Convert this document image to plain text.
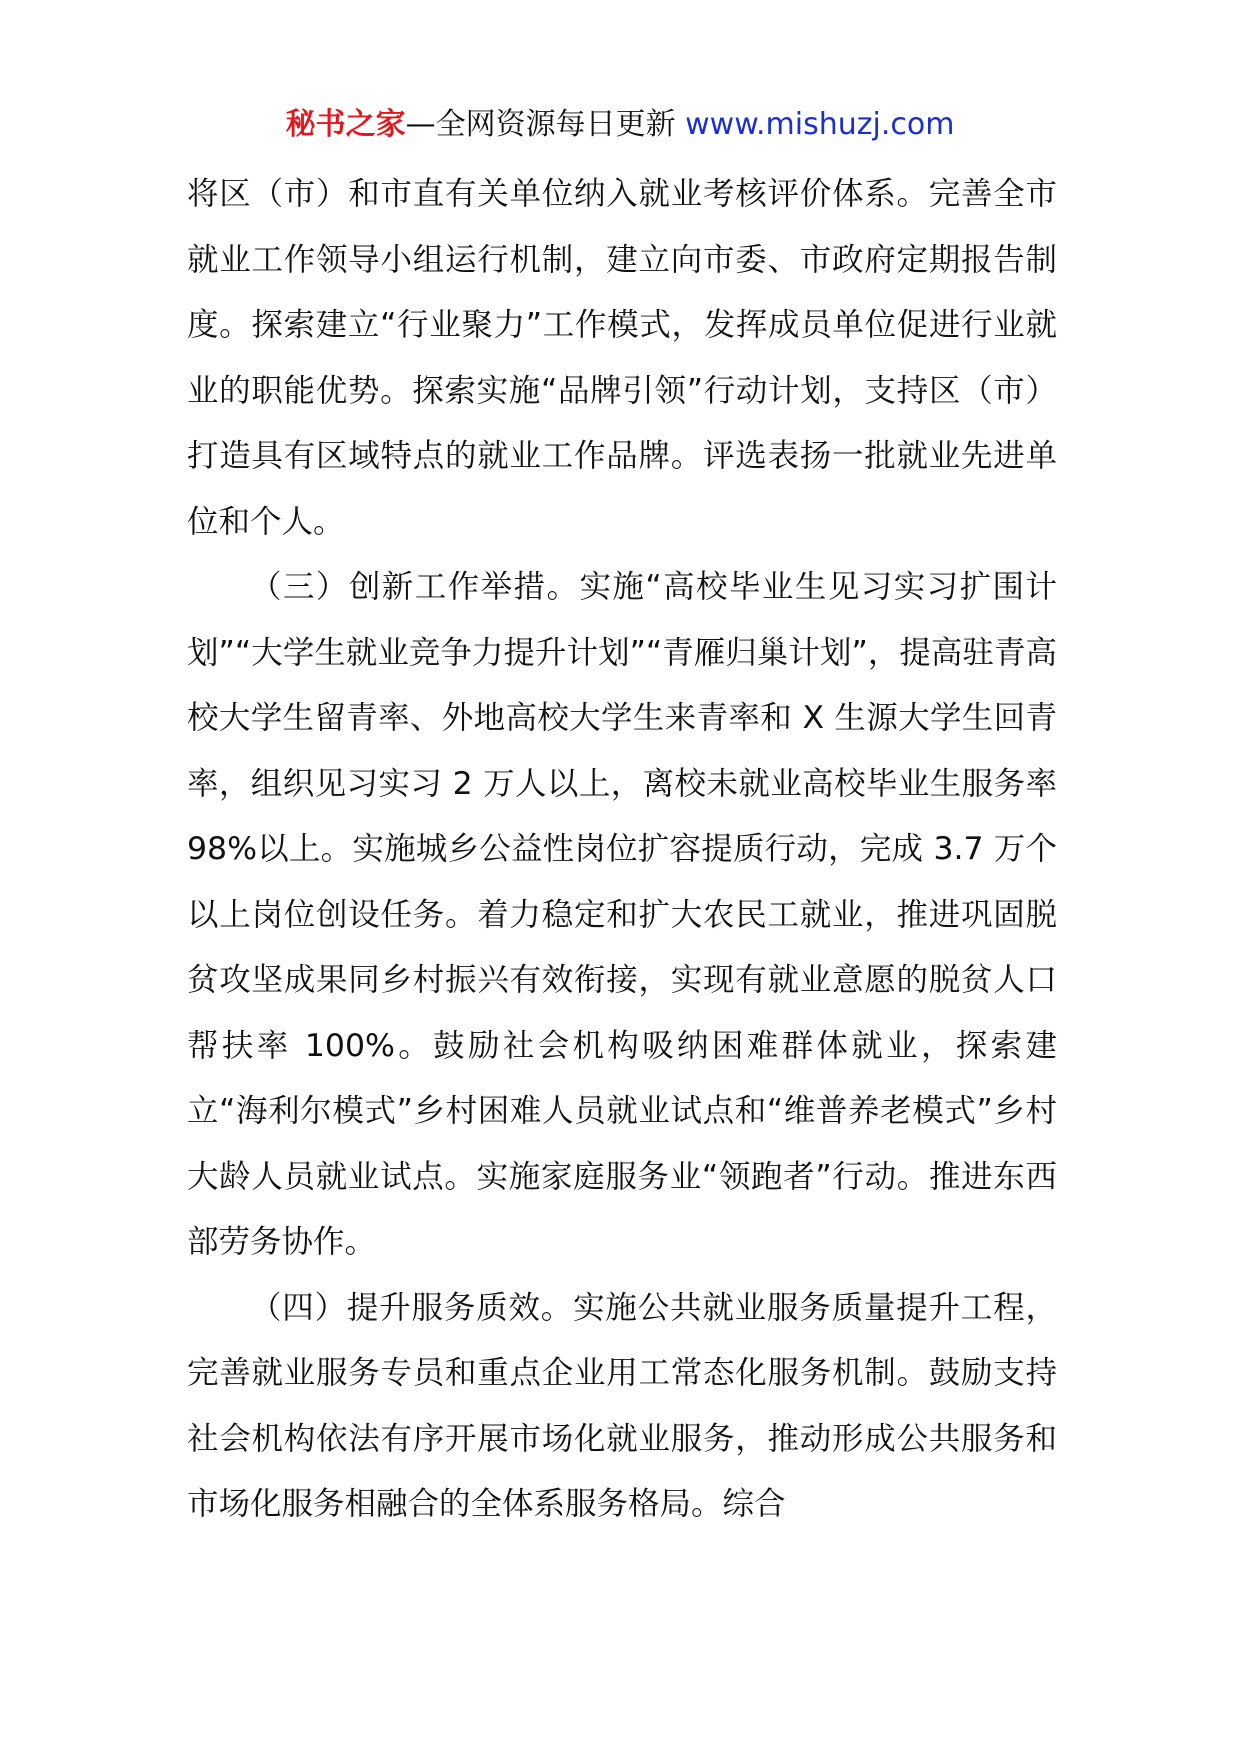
秘书之家—全网资源每日更新 www.mishuzj.com

将区（市）和市直有关单位纳入就业考核评价体系。完善全市就业工作领导小组运行机制，建立向市委、市政府定期报告制度。探索建立“行业聚力”工作模式，发挥成员单位促进行业就业的职能优势。探索实施“品牌引领”行动计划，支持区（市）打造具有区域特点的就业工作品牌。评选表扬一批就业先进单位和个人。

（三）创新工作举措。实施“高校毕业生见习实习扩围计划”“大学生就业竞争力提升计划”“青雁归巢计划”，提高驻青高校大学生留青率、外地高校大学生来青率和 X 生源大学生回青率，组织见习实习 2 万人以上，离校未就业高校毕业生服务率 98%以上。实施城乡公益性岗位扩容提质行动，完成 3.7 万个以上岗位创设任务。着力稳定和扩大农民工就业，推进巩固脱贫攻坚成果同乡村振兴有效衔接，实现有就业意愿的脱贫人口帮扶率 100%。鼓励社会机构吸纳困难群体就业，探索建立“海利尔模式”乡村困难人员就业试点和“维普养老模式”乡村大龄人员就业试点。实施家庭服务业“领跑者”行动。推进东西部劳务协作。

（四）提升服务质效。实施公共就业服务质量提升工程，完善就业服务专员和重点企业用工常态化服务机制。鼓励支持社会机构依法有序开展市场化就业服务，推动形成公共服务和市场化服务相融合的全体系服务格局。综合
